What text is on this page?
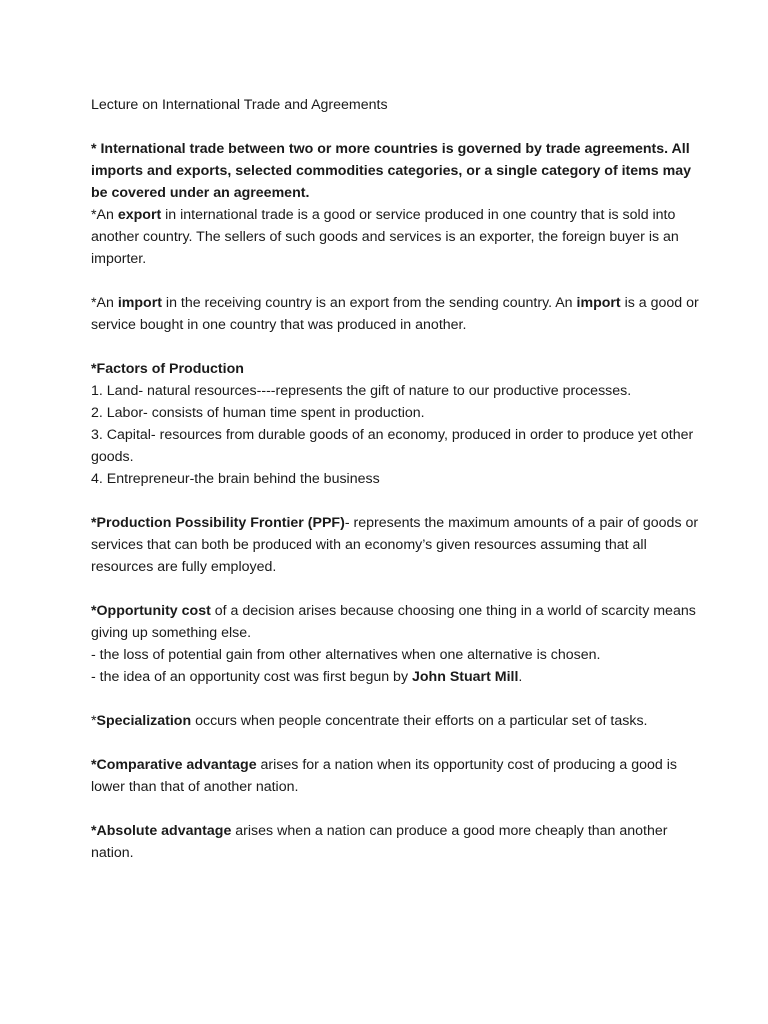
Lecture on International Trade and Agreements

* International trade between two or more countries is governed by trade agreements. All imports and exports, selected commodities categories, or a single category of items may be covered under an agreement.

*An export in international trade is a good or service produced in one country that is sold into another country. The sellers of such goods and services is an exporter, the foreign buyer is an importer.

*An import in the receiving country is an export from the sending country. An import is a good or service bought in one country that was produced in another.

*Factors of Production

1. Land- natural resources----represents the gift of nature to our productive processes.

2. Labor- consists of human time spent in production.

3. Capital- resources from durable goods of an economy, produced in order to produce yet other goods.

4. Entrepreneur-the brain behind the business

*Production Possibility Frontier (PPF)- represents the maximum amounts of a pair of goods or services that can both be produced with an economy’s given resources assuming that all resources are fully employed.

*Opportunity cost of a decision arises because choosing one thing in a world of scarcity means giving up something else.

- the loss of potential gain from other alternatives when one alternative is chosen.

- the idea of an opportunity cost was first begun by John Stuart Mill.

*Specialization occurs when people concentrate their efforts on a particular set of tasks.

*Comparative advantage arises for a nation when its opportunity cost of producing a good is lower than that of another nation.

*Absolute advantage arises when a nation can produce a good more cheaply than another nation.
